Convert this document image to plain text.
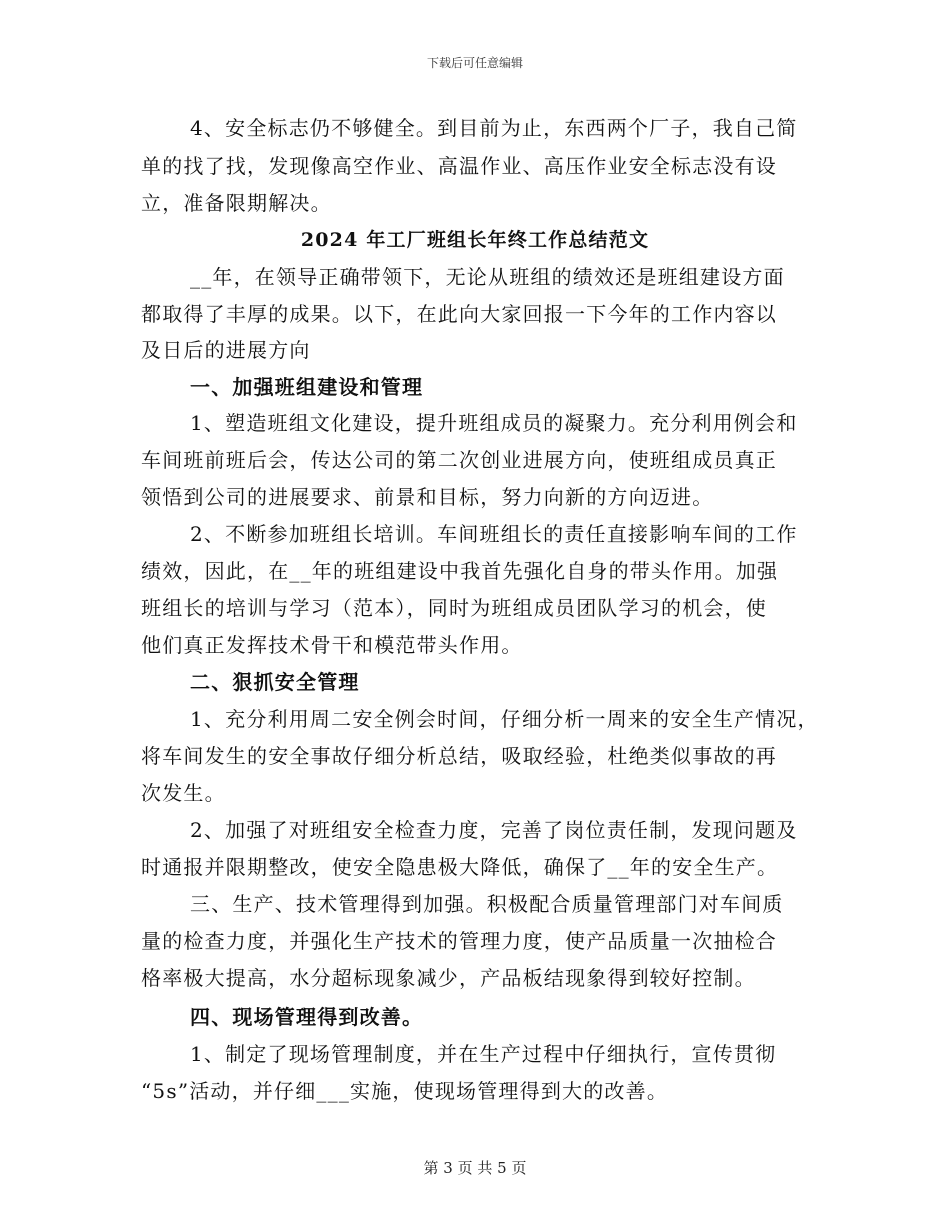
下载后可任意编辑
4、安全标志仍不够健全。到目前为止，东西两个厂子，我自己简
单的找了找，发现像高空作业、高温作业、高压作业安全标志没有设
立，准备限期解决。
2024 年工厂班组长年终工作总结范文
__年，在领导正确带领下，无论从班组的绩效还是班组建设方面
都取得了丰厚的成果。以下，在此向大家回报一下今年的工作内容以
及日后的进展方向
一、加强班组建设和管理
1、塑造班组文化建设，提升班组成员的凝聚力。充分利用例会和
车间班前班后会，传达公司的第二次创业进展方向，使班组成员真正
领悟到公司的进展要求、前景和目标，努力向新的方向迈进。
2、不断参加班组长培训。车间班组长的责任直接影响车间的工作
绩效，因此，在__年的班组建设中我首先强化自身的带头作用。加强
班组长的培训与学习（范本），同时为班组成员团队学习的机会，使
他们真正发挥技术骨干和模范带头作用。
二、狠抓安全管理
1、充分利用周二安全例会时间，仔细分析一周来的安全生产情况，
将车间发生的安全事故仔细分析总结，吸取经验，杜绝类似事故的再
次发生。
2、加强了对班组安全检查力度，完善了岗位责任制，发现问题及
时通报并限期整改，使安全隐患极大降低，确保了__年的安全生产。
三、生产、技术管理得到加强。积极配合质量管理部门对车间质
量的检查力度，并强化生产技术的管理力度，使产品质量一次抽检合
格率极大提高，水分超标现象减少，产品板结现象得到较好控制。
四、现场管理得到改善。
1、制定了现场管理制度，并在生产过程中仔细执行，宣传贯彻
“5s”活动，并仔细___实施，使现场管理得到大的改善。
第 3 页 共 5 页
